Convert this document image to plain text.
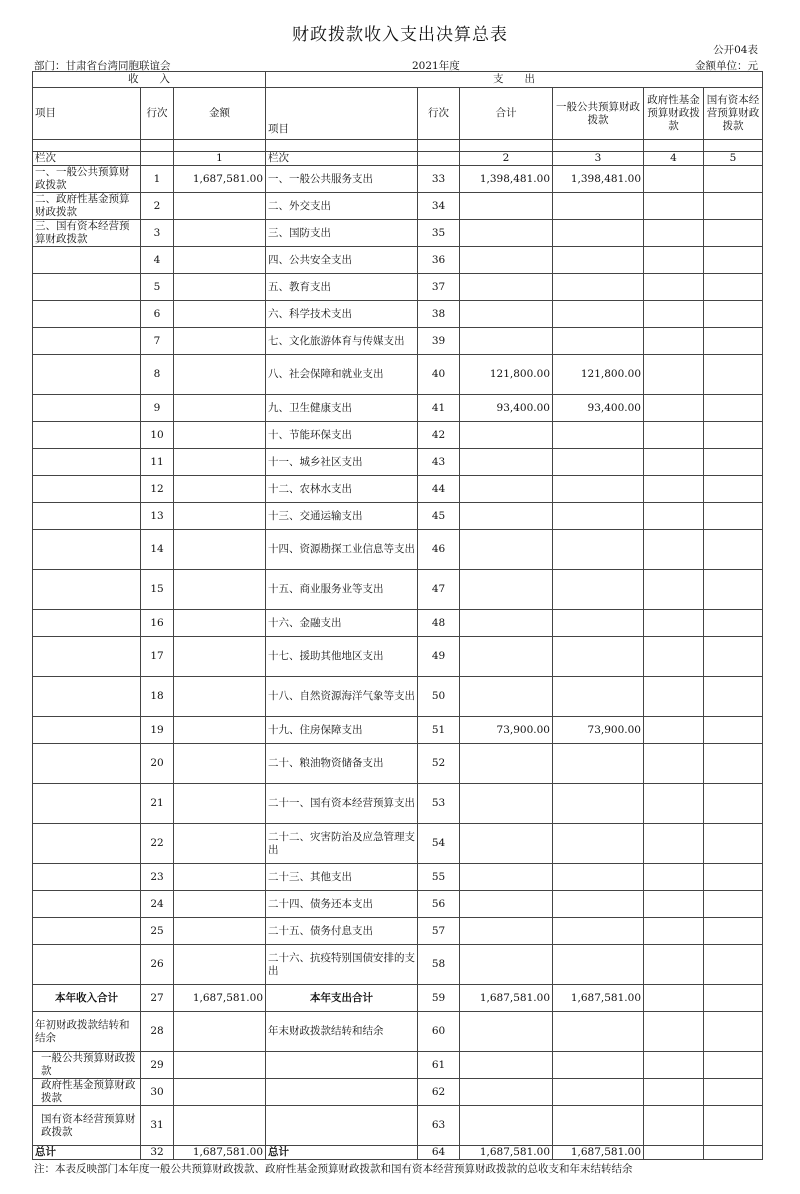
财政拨款收入支出决算总表
公开04表
部门：甘肃省台湾同胞联谊会	2021年度	金额单位：元
收　　入			支　　出					
项目	行次	金额	项目	行次	合计	一般公共预算财政拨款	政府性基金预算财政拨款	国有资本经营预算财政拨款

栏次		1	栏次		2	3	4	5
一、一般公共预算财政拨款	1	1,687,581.00	一、一般公共服务支出	33	1,398,481.00	1,398,481.00		
二、政府性基金预算财政拨款	2		二、外交支出	34				
三、国有资本经营预算财政拨款	3		三、国防支出	35				
	4		四、公共安全支出	36				
	5		五、教育支出	37				
	6		六、科学技术支出	38				
	7		七、文化旅游体育与传媒支出	39				
	8		八、社会保障和就业支出	40	121,800.00	121,800.00		
	9		九、卫生健康支出	41	93,400.00	93,400.00		
	10		十、节能环保支出	42				
	11		十一、城乡社区支出	43				
	12		十二、农林水支出	44				
	13		十三、交通运输支出	45				
	14		十四、资源勘探工业信息等支出	46				
	15		十五、商业服务业等支出	47				
	16		十六、金融支出	48				
	17		十七、援助其他地区支出	49				
	18		十八、自然资源海洋气象等支出	50				
	19		十九、住房保障支出	51	73,900.00	73,900.00		
	20		二十、粮油物资储备支出	52				
	21		二十一、国有资本经营预算支出	53				
	22		二十二、灾害防治及应急管理支出	54				
	23		二十三、其他支出	55				
	24		二十四、债务还本支出	56				
	25		二十五、债务付息支出	57				
	26		二十六、抗疫特别国债安排的支出	58				
本年收入合计	27	1,687,581.00	本年支出合计	59	1,687,581.00	1,687,581.00		
年初财政拨款结转和结余	28		年末财政拨款结转和结余	60				
一般公共预算财政拨款	29			61				
政府性基金预算财政拨款	30			62				
国有资本经营预算财政拨款	31			63				
总计	32	1,687,581.00	总计	64	1,687,581.00	1,687,581.00		
注：本表反映部门本年度一般公共预算财政拨款、政府性基金预算财政拨款和国有资本经营预算财政拨款的总收支和年末结转结余
